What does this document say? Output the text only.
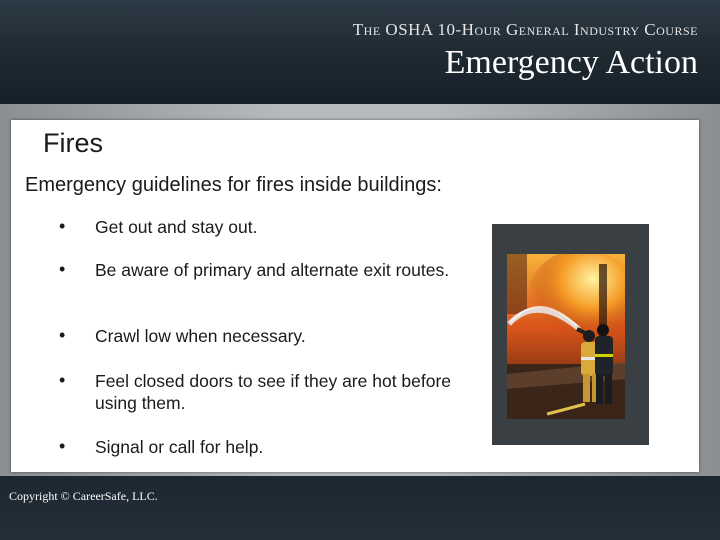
The OSHA 10-Hour General Industry Course
Emergency Action
Fires
Emergency guidelines for fires inside buildings:
• Get out and stay out.
• Be aware of primary and alternate exit routes.
• Crawl low when necessary.
• Feel closed doors to see if they are hot before using them.
• Signal or call for help.
Copyright © CareerSafe, LLC.
